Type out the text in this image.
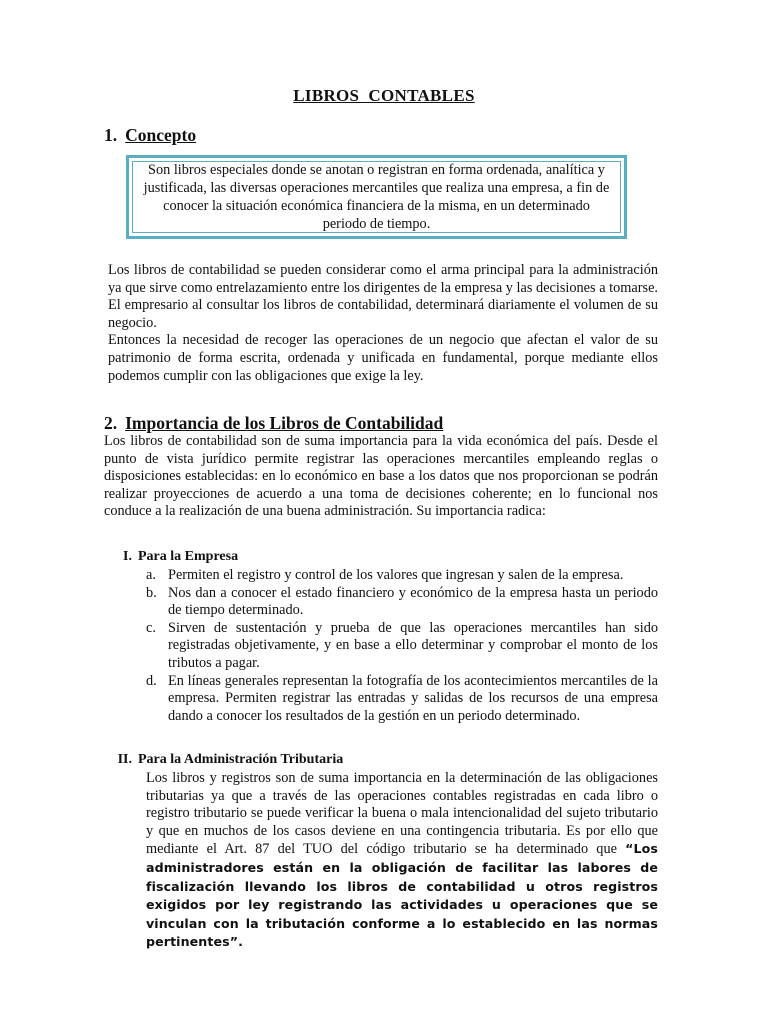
LIBROS  CONTABLES
1. Concepto
Son libros especiales donde se anotan o registran en forma ordenada, analítica y justificada, las diversas operaciones mercantiles que realiza una empresa, a fin de conocer la situación económica financiera de la misma, en un determinado periodo de tiempo.

Los libros de contabilidad se pueden considerar como el arma principal para la administración ya que sirve como entrelazamiento entre los dirigentes de la empresa y las decisiones a tomarse. El empresario al consultar los libros de contabilidad, determinará diariamente el volumen de su negocio.

Entonces la necesidad de recoger las operaciones de un negocio que afectan el valor de su patrimonio de forma escrita, ordenada y unificada en fundamental, porque mediante ellos podemos cumplir con las obligaciones que exige la ley.

2. Importancia de los Libros de Contabilidad

Los libros de contabilidad son de suma importancia para la vida económica del país. Desde el punto de vista jurídico permite registrar las operaciones mercantiles empleando reglas o disposiciones establecidas: en lo económico en base a los datos que nos proporcionan se podrán realizar proyecciones de acuerdo a una toma de decisiones coherente; en lo funcional nos conduce a la realización de una buena administración. Su importancia radica:

I. Para la Empresa
a. Permiten el registro y control de los valores que ingresan y salen de la empresa.
b. Nos dan a conocer el estado financiero y económico de la empresa hasta un periodo de tiempo determinado.
c. Sirven de sustentación y prueba de que las operaciones mercantiles han sido registradas objetivamente, y en base a ello determinar y comprobar el monto de los tributos a pagar.
d. En líneas generales representan la fotografía de los acontecimientos mercantiles de la empresa. Permiten registrar las entradas y salidas de los recursos de una empresa dando a conocer los resultados de la gestión en un periodo determinado.
II. Para la Administración Tributaria

Los libros y registros son de suma importancia en la determinación de las obligaciones tributarias ya que a través de las operaciones contables registradas en cada libro o registro tributario se puede verificar la buena o mala intencionalidad del sujeto tributario y que en muchos de los casos deviene en una contingencia tributaria. Es por ello que mediante el Art. 87 del TUO del código tributario se ha determinado que “Los administradores están en la obligación de facilitar las labores de fiscalización llevando los libros de contabilidad u otros registros exigidos por ley registrando las actividades u operaciones que se vinculan con la tributación conforme a lo establecido en las normas pertinentes”.
